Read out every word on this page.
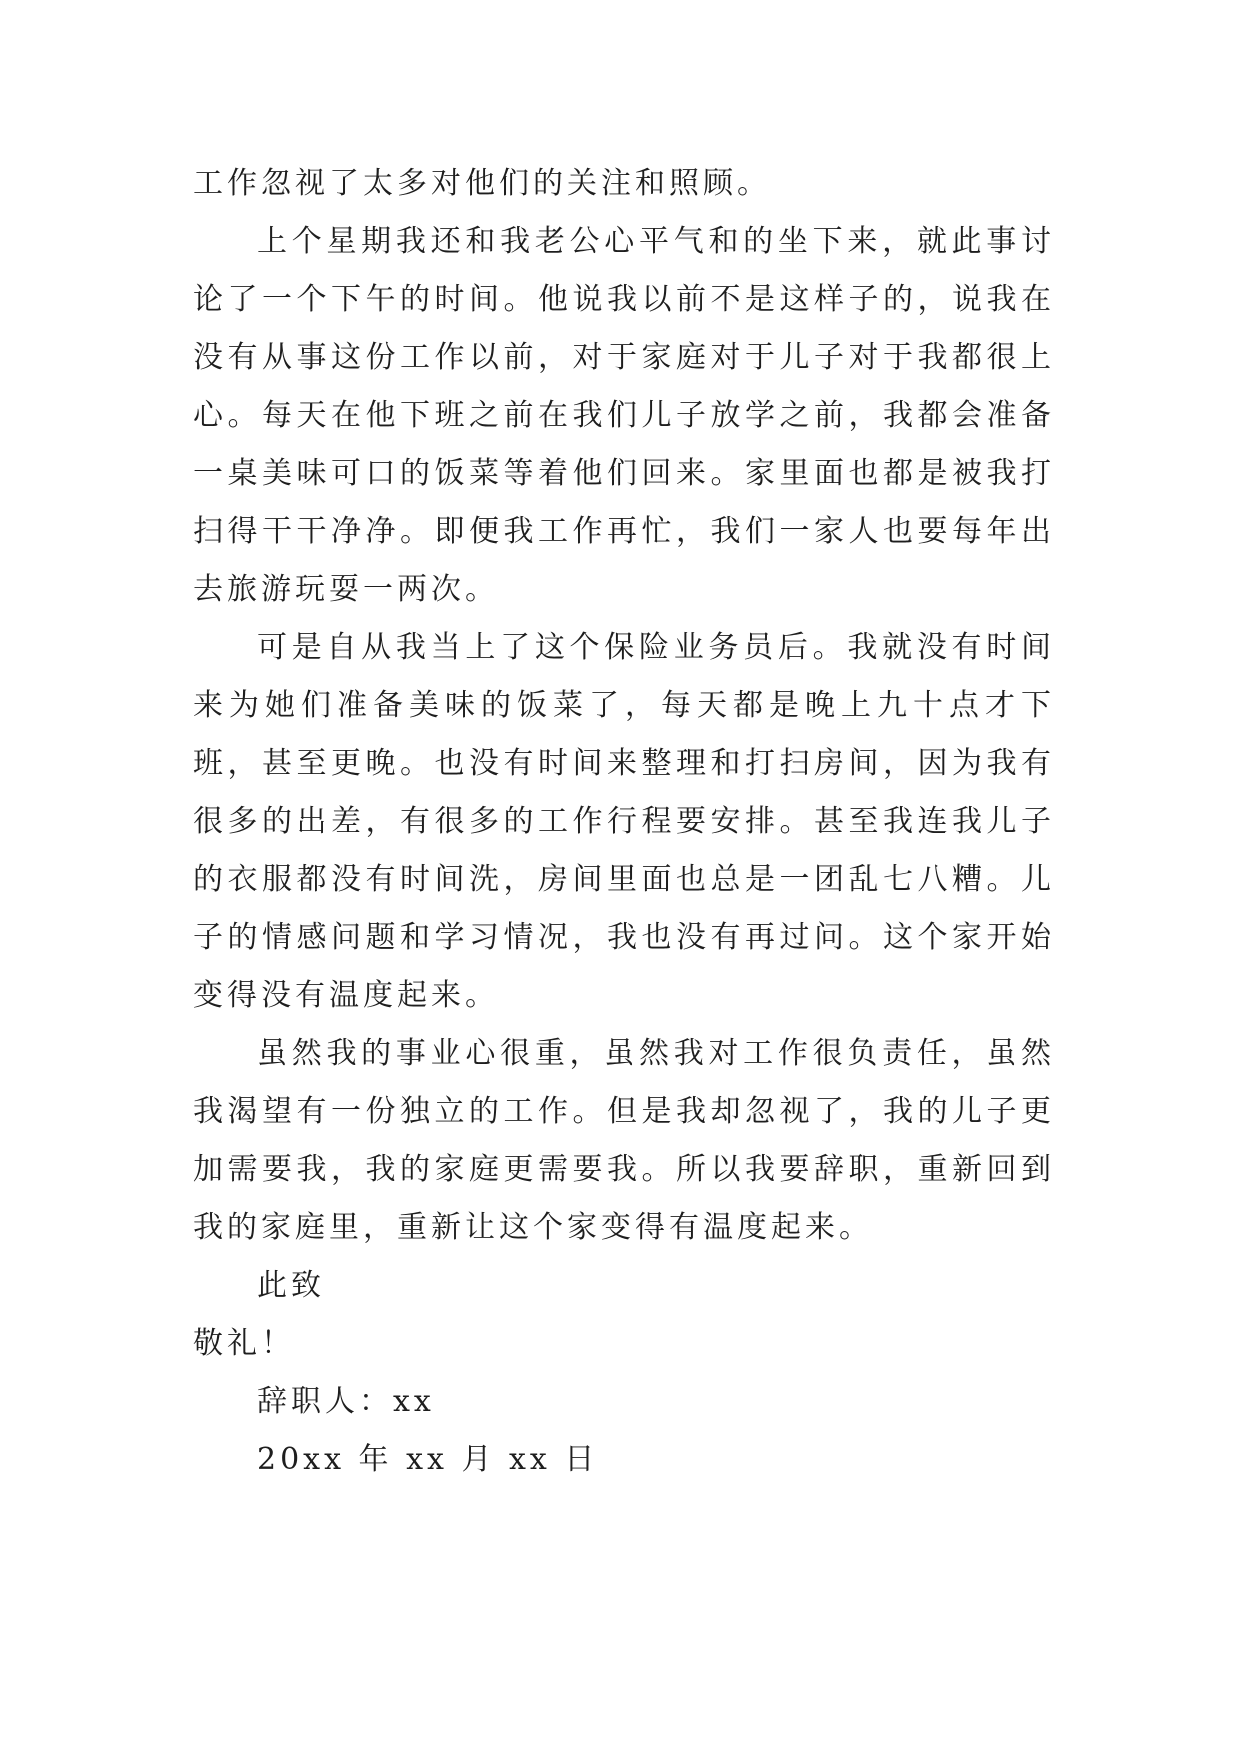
工作忽视了太多对他们的关注和照顾。

上个星期我还和我老公心平气和的坐下来，就此事讨论了一个下午的时间。他说我以前不是这样子的，说我在没有从事这份工作以前，对于家庭对于儿子对于我都很上心。每天在他下班之前在我们儿子放学之前，我都会准备一桌美味可口的饭菜等着他们回来。家里面也都是被我打扫得干干净净。即便我工作再忙，我们一家人也要每年出去旅游玩耍一两次。

可是自从我当上了这个保险业务员后。我就没有时间来为她们准备美味的饭菜了，每天都是晚上九十点才下班，甚至更晚。也没有时间来整理和打扫房间，因为我有很多的出差，有很多的工作行程要安排。甚至我连我儿子的衣服都没有时间洗，房间里面也总是一团乱七八糟。儿子的情感问题和学习情况，我也没有再过问。这个家开始变得没有温度起来。

虽然我的事业心很重，虽然我对工作很负责任，虽然我渴望有一份独立的工作。但是我却忽视了，我的儿子更加需要我，我的家庭更需要我。所以我要辞职，重新回到我的家庭里，重新让这个家变得有温度起来。

此致

敬礼！

辞职人：xx

20xx 年 xx 月 xx 日
